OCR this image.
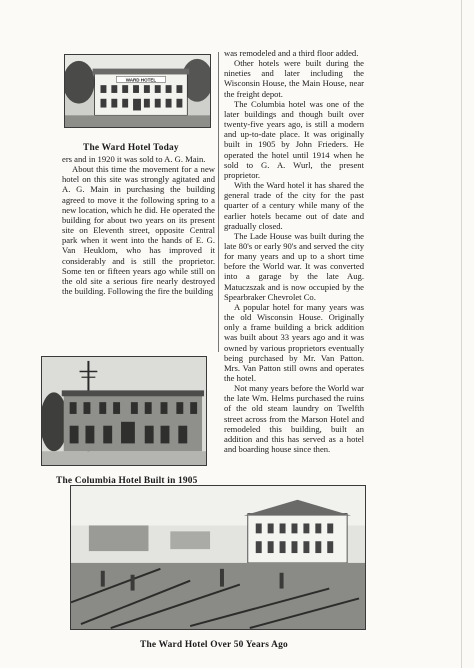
WARD HOTEL
The Ward Hotel Today

ers and in 1920 it was sold to A. G. Main.

About this time the movement for a new hotel on this site was strongly agitated and A. G. Main in purchasing the building agreed to move it the following spring to a new location, which he did. He operated the building for about two years on its present site on Eleventh street, opposite Central park when it went into the hands of E. G. Van Heuklom, who has improved it considerably and is still the proprietor. Some ten or fifteen years ago while still on the old site a serious fire nearly destroyed the building. Following the fire the building

was remodeled and a third floor added.

Other hotels were built during the nineties and later including the Wisconsin House, the Main House, near the freight depot.

The Columbia hotel was one of the later buildings and though built over twenty-five years ago, is still a modern and up-to-date place. It was originally built in 1905 by John Frieders. He operated the hotel until 1914 when he sold to G. A. Wurl, the present proprietor.

With the Ward hotel it has shared the general trade of the city for the past quarter of a century while many of the earlier hotels became out of date and gradually closed.

The Lade House was built during the late 80's or early 90's and served the city for many years and up to a short time before the World war. It was converted into a garage by the late Aug. Matuczszak and is now occupied by the Spearbraker Chevrolet Co.

A popular hotel for many years was the old Wisconsin House. Originally only a frame building a brick addition was built about 33 years ago and it was owned by various proprietors eventually being purchased by Mr. Van Patton. Mrs. Van Patton still owns and operates the hotel.

Not many years before the World war the late Wm. Helms purchased the ruins of the old steam laundry on Twelfth street across from the Marson Hotel and remodeled this building, built an addition and this has served as a hotel and boarding house since then.

The Columbia Hotel Built in 1905
The Ward Hotel Over 50 Years Ago
